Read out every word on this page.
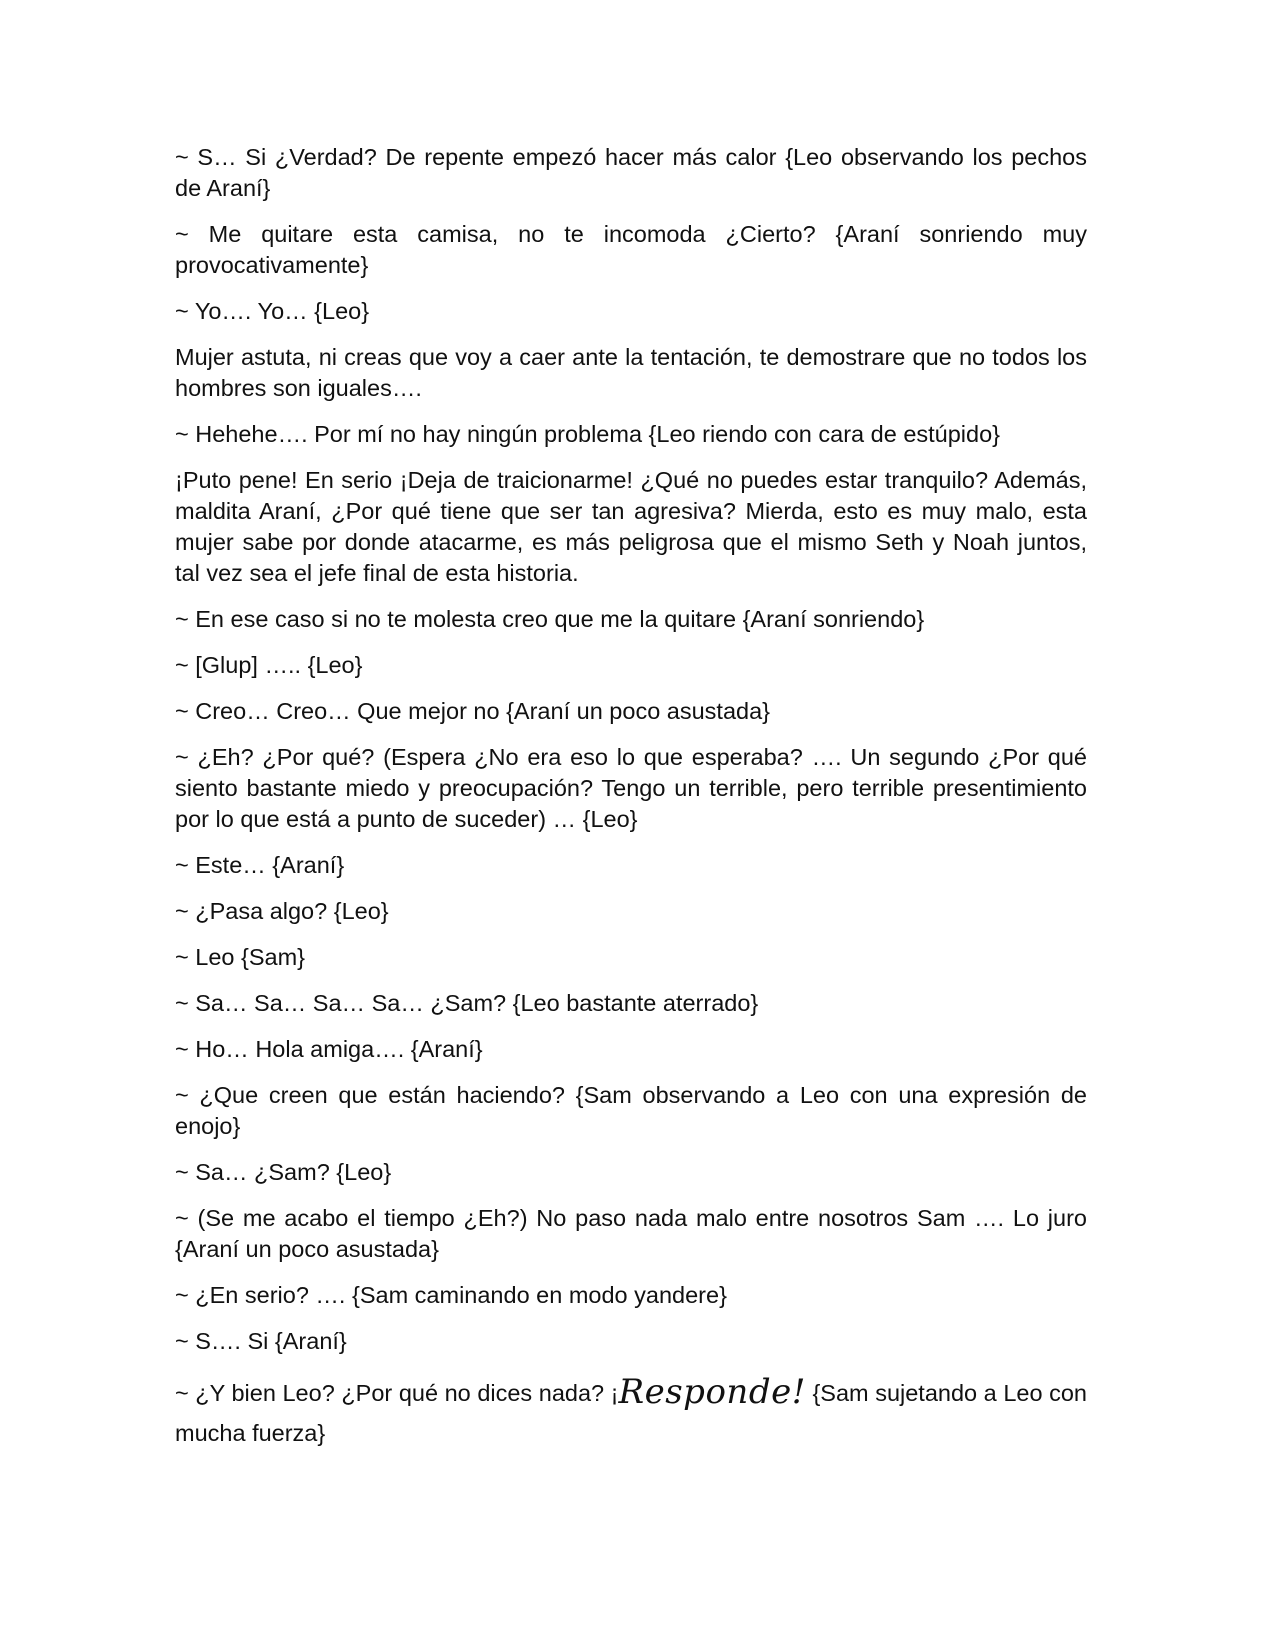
~ S… Si ¿Verdad? De repente empezó hacer más calor {Leo observando los pechos de Araní}

~ Me quitare esta camisa, no te incomoda ¿Cierto? {Araní sonriendo muy provocativamente}

~ Yo…. Yo… {Leo}

Mujer astuta, ni creas que voy a caer ante la tentación, te demostrare que no todos los hombres son iguales….

~ Hehehe…. Por mí no hay ningún problema {Leo riendo con cara de estúpido}

¡Puto pene! En serio ¡Deja de traicionarme! ¿Qué no puedes estar tranquilo? Además, maldita Araní, ¿Por qué tiene que ser tan agresiva? Mierda, esto es muy malo, esta mujer sabe por donde atacarme, es más peligrosa que el mismo Seth y Noah juntos, tal vez sea el jefe final de esta historia.

~ En ese caso si no te molesta creo que me la quitare {Araní sonriendo}

~ [Glup] ….. {Leo}

~ Creo… Creo… Que mejor no {Araní un poco asustada}

~ ¿Eh? ¿Por qué? (Espera ¿No era eso lo que esperaba? …. Un segundo ¿Por qué siento bastante miedo y preocupación? Tengo un terrible, pero terrible presentimiento por lo que está a punto de suceder) … {Leo}

~ Este… {Araní}

~ ¿Pasa algo? {Leo}

~ Leo {Sam}

~ Sa… Sa… Sa… Sa… ¿Sam? {Leo bastante aterrado}

~ Ho… Hola amiga…. {Araní}

~ ¿Que creen que están haciendo? {Sam observando a Leo con una expresión de enojo}

~ Sa… ¿Sam? {Leo}

~ (Se me acabo el tiempo ¿Eh?) No paso nada malo entre nosotros Sam …. Lo juro {Araní un poco asustada}

~ ¿En serio? …. {Sam caminando en modo yandere}

~ S…. Si {Araní}

~ ¿Y bien Leo? ¿Por qué no dices nada? ¡Responde! {Sam sujetando a Leo con mucha fuerza}
